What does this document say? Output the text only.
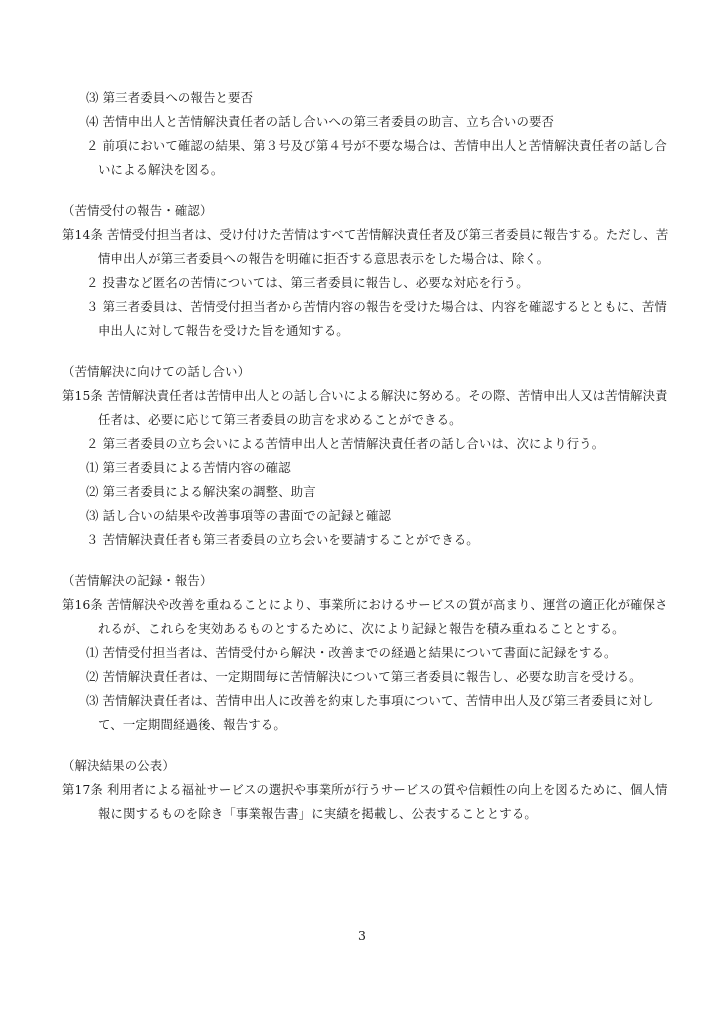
⑶ 第三者委員への報告と要否
⑷ 苦情申出人と苦情解決責任者の話し合いへの第三者委員の助言、立ち合いの要否
２ 前項において確認の結果、第３号及び第４号が不要な場合は、苦情申出人と苦情解決責任者の話し合
いによる解決を図る。
（苦情受付の報告・確認）
第14条 苦情受付担当者は、受け付けた苦情はすべて苦情解決責任者及び第三者委員に報告する。ただし、苦
情申出人が第三者委員への報告を明確に拒否する意思表示をした場合は、除く。
２ 投書など匿名の苦情については、第三者委員に報告し、必要な対応を行う。
３ 第三者委員は、苦情受付担当者から苦情内容の報告を受けた場合は、内容を確認するとともに、苦情
申出人に対して報告を受けた旨を通知する。
（苦情解決に向けての話し合い）
第15条 苦情解決責任者は苦情申出人との話し合いによる解決に努める。その際、苦情申出人又は苦情解決責
任者は、必要に応じて第三者委員の助言を求めることができる。
２ 第三者委員の立ち会いによる苦情申出人と苦情解決責任者の話し合いは、次により行う。
⑴ 第三者委員による苦情内容の確認
⑵ 第三者委員による解決案の調整、助言
⑶ 話し合いの結果や改善事項等の書面での記録と確認
３ 苦情解決責任者も第三者委員の立ち会いを要請することができる。
（苦情解決の記録・報告）
第16条 苦情解決や改善を重ねることにより、事業所におけるサービスの質が高まり、運営の適正化が確保さ
れるが、これらを実効あるものとするために、次により記録と報告を積み重ねることとする。
⑴ 苦情受付担当者は、苦情受付から解決・改善までの経過と結果について書面に記録をする。
⑵ 苦情解決責任者は、一定期間毎に苦情解決について第三者委員に報告し、必要な助言を受ける。
⑶ 苦情解決責任者は、苦情申出人に改善を約束した事項について、苦情申出人及び第三者委員に対し
て、一定期間経過後、報告する。
（解決結果の公表）
第17条 利用者による福祉サービスの選択や事業所が行うサービスの質や信頼性の向上を図るために、個人情
報に関するものを除き「事業報告書」に実績を掲載し、公表することとする。
3
